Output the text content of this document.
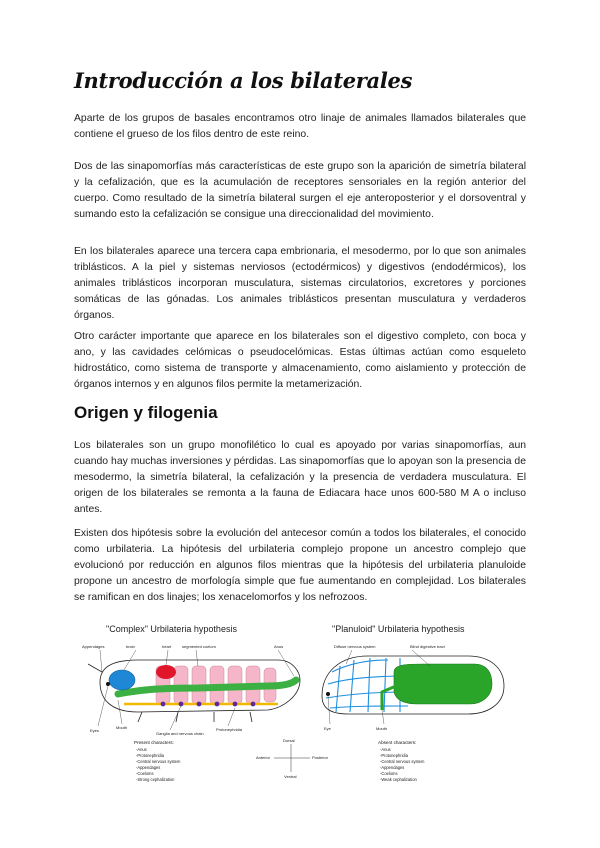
Introducción a los bilaterales

Aparte de los grupos de basales encontramos otro linaje de animales llamados bilaterales que contiene el grueso de los filos dentro de este reino.

Dos de las sinapomorfías más características de este grupo son la aparición de simetría bilateral y la cefalización, que es la acumulación de receptores sensoriales en la región anterior del cuerpo. Como resultado de la simetría bilateral surgen el eje anteroposterior y el dorsoventral y sumando esto la cefalización se consigue una direccionalidad del movimiento.

En los bilaterales aparece una tercera capa embrionaria, el mesodermo, por lo que son animales triblásticos. A la piel y sistemas nerviosos (ectodérmicos) y digestivos (endodérmicos), los animales triblásticos incorporan musculatura, sistemas circulatorios, excretores y porciones somáticas de las gónadas. Los animales triblásticos presentan musculatura y verdaderos órganos.

Otro carácter importante que aparece en los bilaterales son el digestivo completo, con boca y ano, y las cavidades celómicas o pseudocelómicas. Estas últimas actúan como esqueleto hidrostático, como sistema de transporte y almacenamiento, como aislamiento y protección de órganos internos y en algunos filos permite la metamerización.

Origen y filogenia

Los bilaterales son un grupo monofilético lo cual es apoyado por varias sinapomorfías, aun cuando hay muchas inversiones y pérdidas. Las sinapomorfías que lo apoyan son la presencia de mesodermo, la simetría bilateral, la cefalización y la presencia de verdadera musculatura. El origen de los bilaterales se remonta a la fauna de Ediacara hace unos 600-580 M A o incluso antes.

Existen dos hipótesis sobre la evolución del antecesor común a todos los bilaterales, el conocido como urbilateria. La hipótesis del urbilateria complejo propone un ancestro complejo que evolucionó por reducción en algunos filos mientras que la hipótesis del urbilateria planuloide propone un ancestro de morfología simple que fue aumentando en complejidad. Los bilaterales se ramifican en dos linajes; los xenacelomorfos y los nefrozoos.

"Complex" Urbilateria hypothesis
Appendages	brain	heart	segmented coelom	Anus
Eyes
Mouth
Ganglia and nervous chain
Protonephridia
Present characters:
-Anus
-Protonephridia
-Central nervous system
-Appendages
-Coeloms
-Strong cephalization
Dorsal
Ventral
Anterior	Posterior
"Planuloid" Urbilateria hypothesis
Diffuse nervous system	Blind digestive tract
Eye	Mouth
Absent characters:
-Anus
-Protonephridia
-Central nervous system
-Appendages
-Coeloms
-Weak cephalization
